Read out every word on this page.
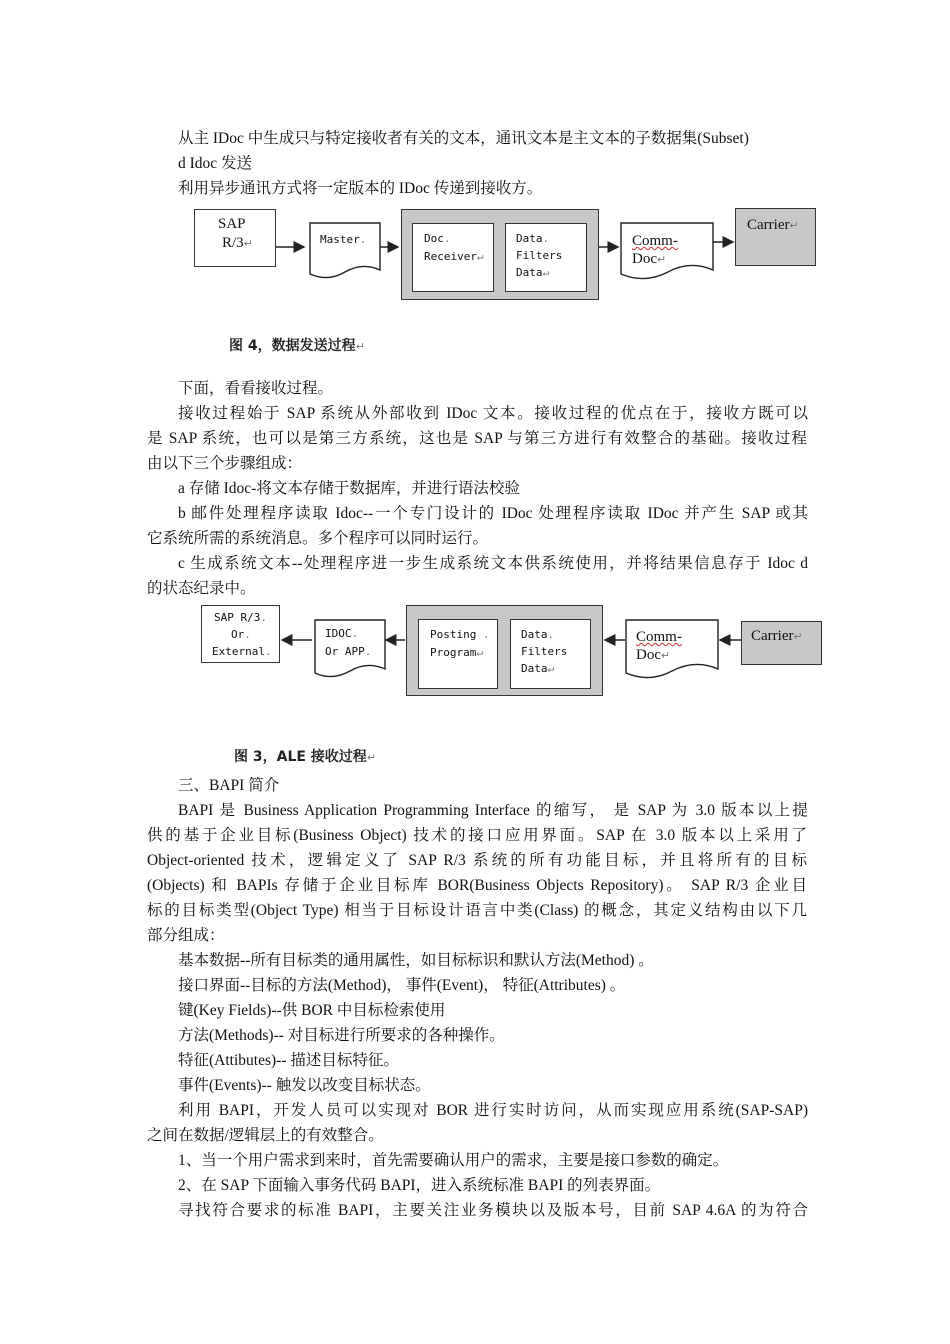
从主 IDoc 中生成只与特定接收者有关的文本，通讯文本是主文本的子数据集(Subset)
d Idoc 发送
利用异步通讯方式将一定版本的 IDoc 传递到接收方。
SAP
R/3↵	Master.	Doc.
Receiver↵
Data.
Filters
Data↵
Comm-
Doc↵
Carrier↵
图 4，数据发送过程↵
下面，看看接收过程。
接收过程始于 SAP 系统从外部收到 IDoc 文本。接收过程的优点在于，接收方既可以
是 SAP 系统，也可以是第三方系统，这也是 SAP 与第三方进行有效整合的基础。接收过程
由以下三个步骤组成：
a 存储 Idoc-将文本存储于数据库，并进行语法校验
b 邮件处理程序读取 Idoc--一个专门设计的 IDoc 处理程序读取 IDoc 并产生 SAP 或其
它系统所需的系统消息。多个程序可以同时运行。
c 生成系统文本--处理程序进一步生成系统文本供系统使用，并将结果信息存于 Idoc d
的状态纪录中。
SAP R/3.
Or.
External.
IDOC.
Or APP.
Posting .
Program↵
Data.
Filters
Data↵
Comm-
Doc↵
Carrier↵
图 3，ALE 接收过程↵
三、BAPI 简介
BAPI 是 Business Application Programming Interface 的缩写， 是 SAP 为 3.0 版本以上提
供的基于企业目标(Business Object) 技术的接口应用界面。SAP 在 3.0 版本以上采用了
Object-oriented 技术，逻辑定义了 SAP R/3 系统的所有功能目标，并且将所有的目标
(Objects) 和 BAPIs 存储于企业目标库 BOR(Business Objects Repository)。 SAP R/3 企业目
标的目标类型(Object Type) 相当于目标设计语言中类(Class) 的概念，其定义结构由以下几
部分组成：
基本数据--所有目标类的通用属性，如目标标识和默认方法(Method) 。
接口界面--目标的方法(Method)， 事件(Event)， 特征(Attributes) 。
键(Key Fields)--供 BOR 中目标检索使用
方法(Methods)-- 对目标进行所要求的各种操作。
特征(Attibutes)-- 描述目标特征。
事件(Events)-- 触发以改变目标状态。
利用 BAPI，开发人员可以实现对 BOR 进行实时访问，从而实现应用系统(SAP-SAP)
之间在数据/逻辑层上的有效整合。
1、当一个用户需求到来时，首先需要确认用户的需求，主要是接口参数的确定。
2、在 SAP 下面输入事务代码 BAPI，进入系统标准 BAPI 的列表界面。
寻找符合要求的标准 BAPI，主要关注业务模块以及版本号，目前 SAP 4.6A 的为符合
